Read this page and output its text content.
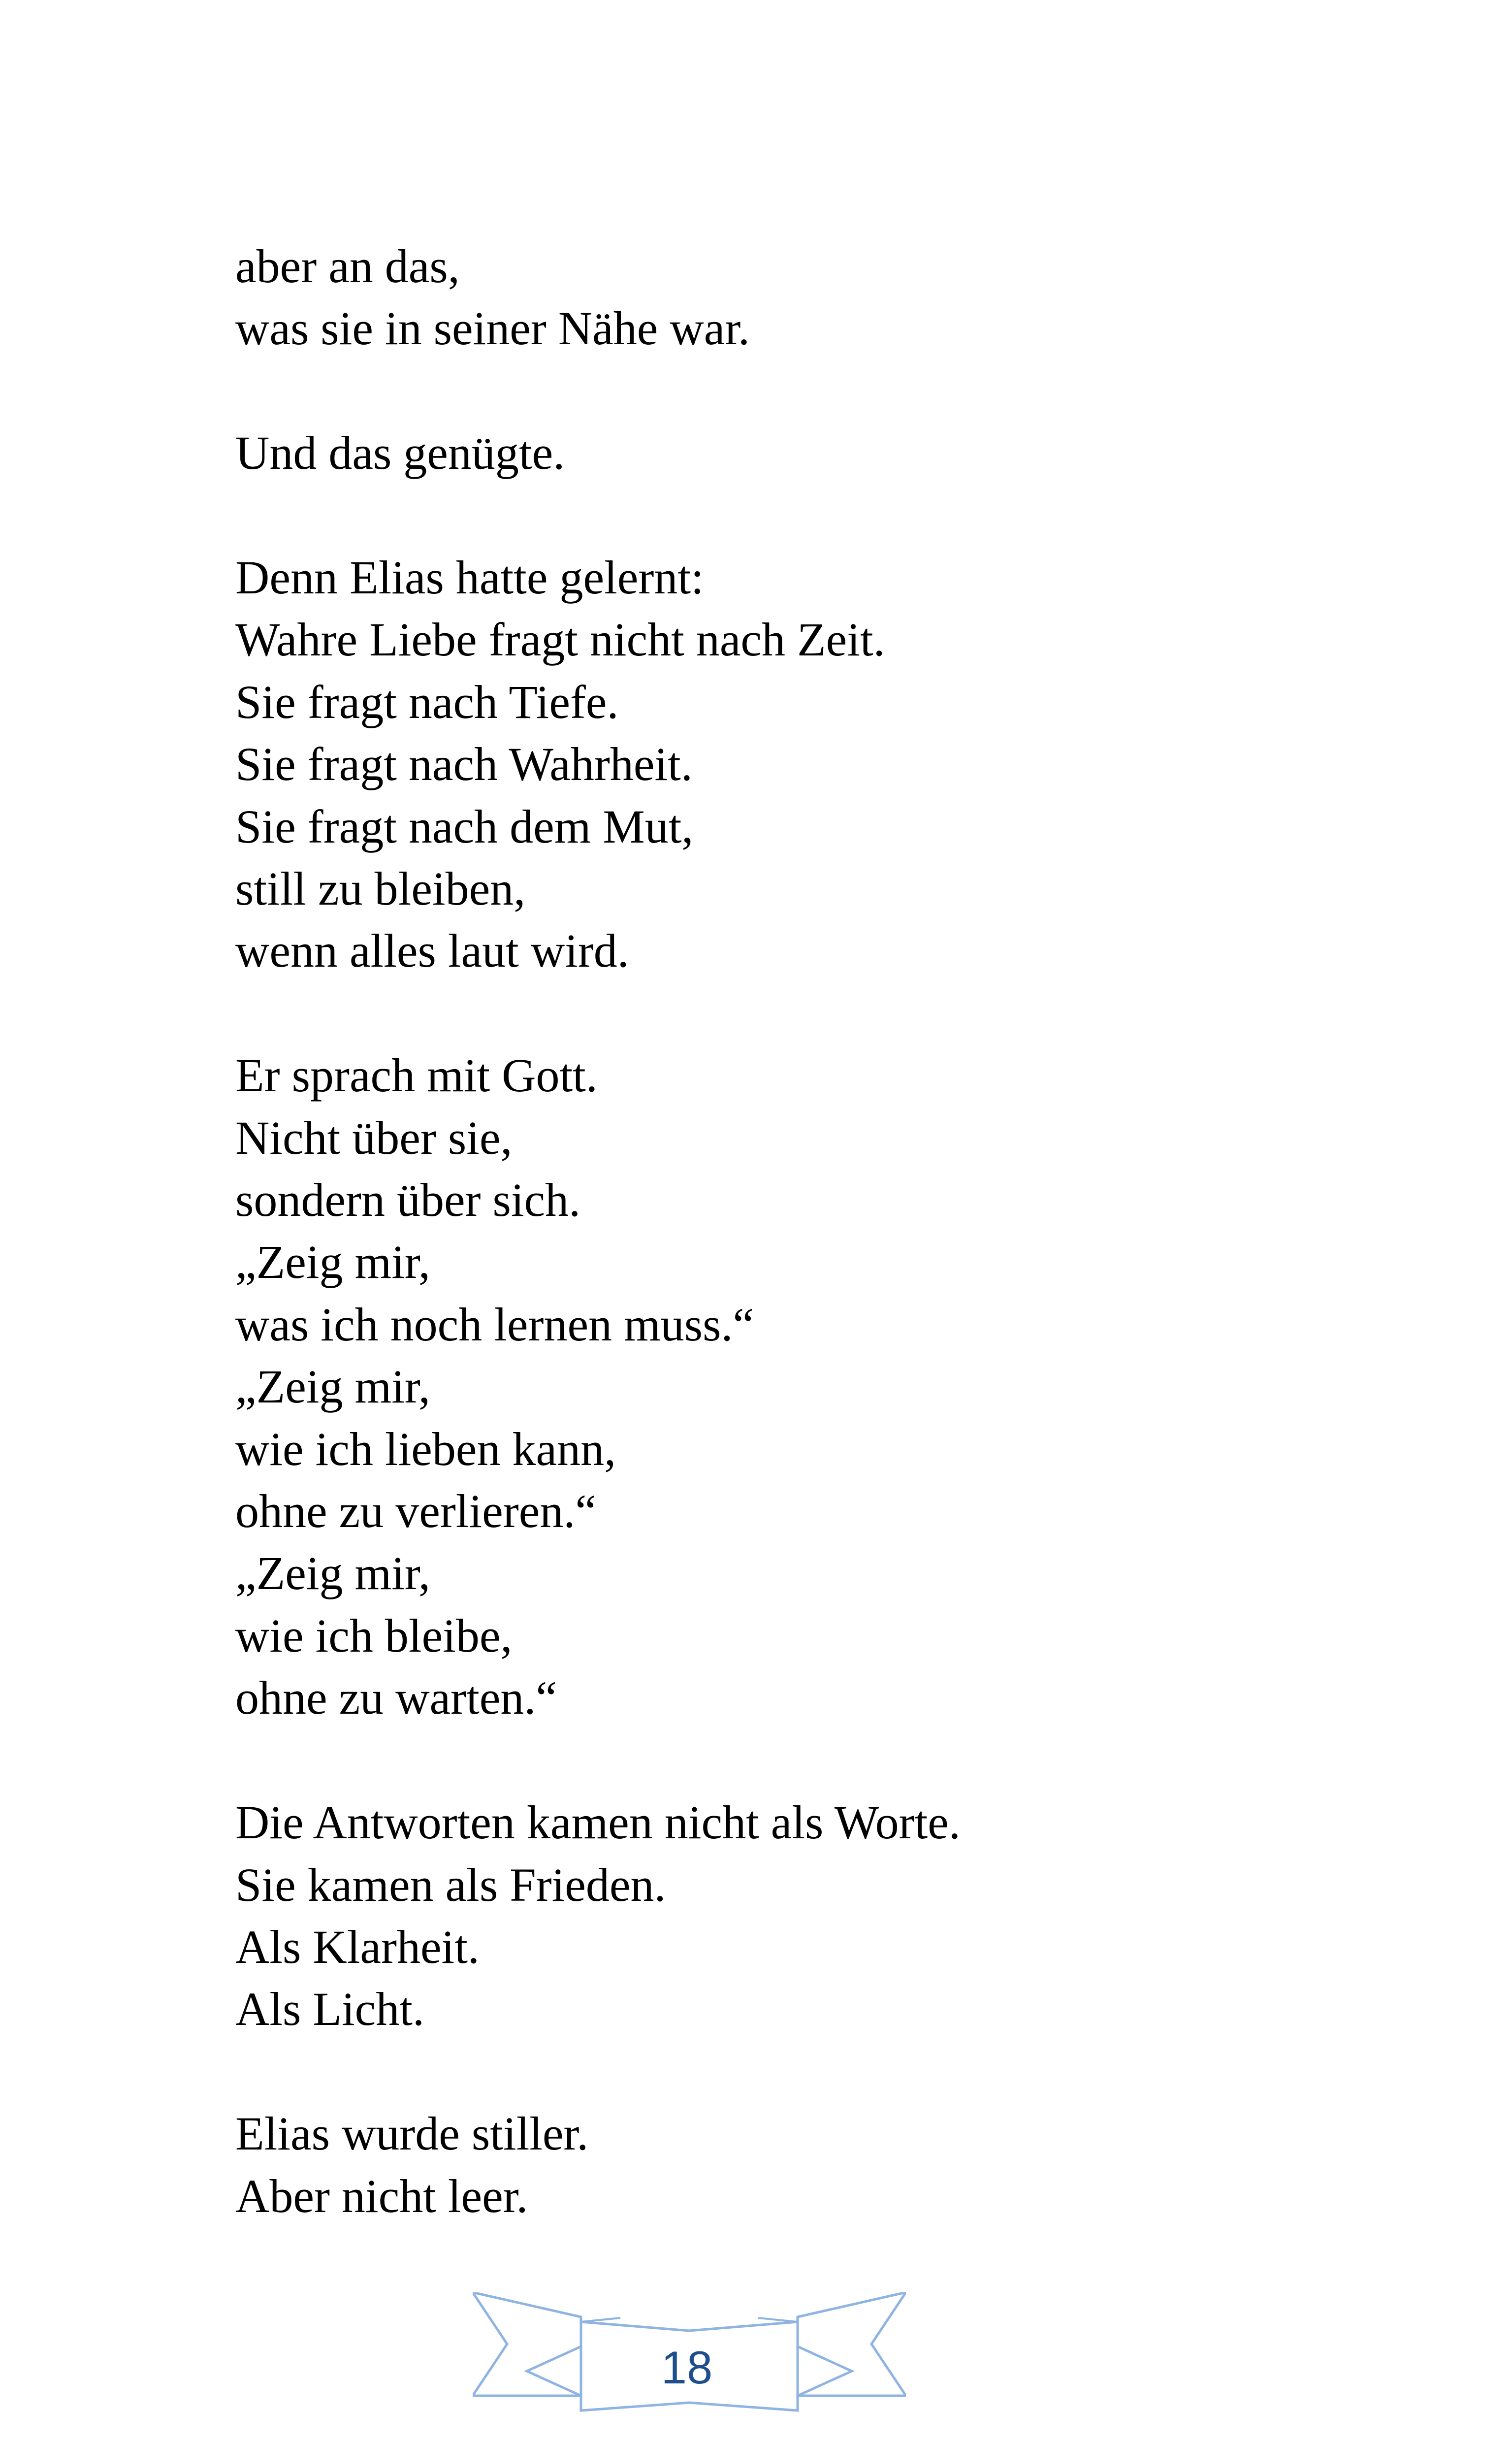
aber an das,
was sie in seiner Nähe war.
Und das genügte.
Denn Elias hatte gelernt:
Wahre Liebe fragt nicht nach Zeit.
Sie fragt nach Tiefe.
Sie fragt nach Wahrheit.
Sie fragt nach dem Mut,
still zu bleiben,
wenn alles laut wird.
Er sprach mit Gott.
Nicht über sie,
sondern über sich.
„Zeig mir,
was ich noch lernen muss.“
„Zeig mir,
wie ich lieben kann,
ohne zu verlieren.“
„Zeig mir,
wie ich bleibe,
ohne zu warten.“
Die Antworten kamen nicht als Worte.
Sie kamen als Frieden.
Als Klarheit.
Als Licht.
Elias wurde stiller.
Aber nicht leer.
18
